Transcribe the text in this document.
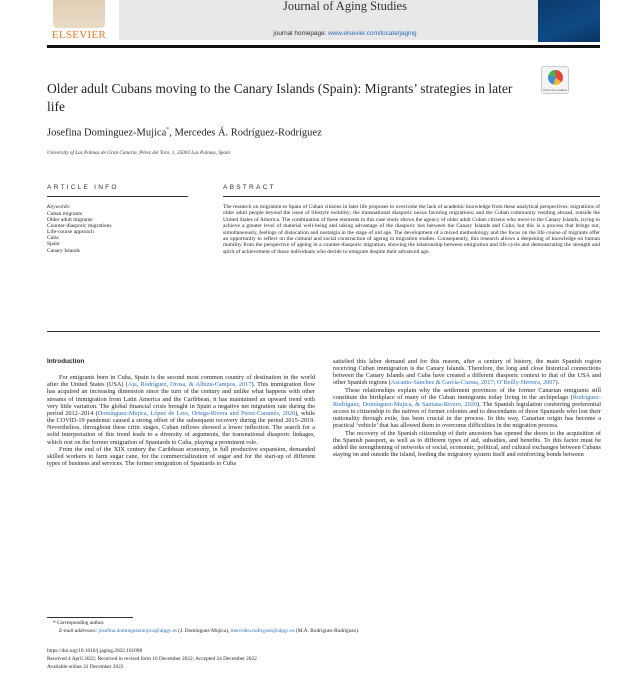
ELSEVIER
Journal of Aging Studies
journal homepage: www.elsevier.com/locate/jaging
Older adult Cubans moving to the Canary Islands (Spain): Migrants’ strategies in later life
Check for updates
Josefina Domínguez-Mujica*, Mercedes Á. Rodríguez-Rodríguez
University of Las Palmas de Gran Canaria, Pérez del Toro, 1, 35003 Las Palmas, Spain
ARTICLE INFO
Keywords:
Cuban migrants
Older adult migrants
Counter-diasporic migrations
Life-course approach
Cuba
Spain
Canary Islands
ABSTRACT
The research on migration to Spain of Cuban citizens in later life proposes to overcome the lack of academic knowledge from these analytical perspectives: migrations of older adult people beyond the issue of lifestyle mobility; the transnational diasporic nexus favoring migrations; and the Cuban community residing abroad, outside the United States of America. The combination of these elements in this case study shows the agency of older adult Cuban citizens who move to the Canary Islands, trying to achieve a greater level of material well-being and taking advantage of the diasporic ties between the Canary Islands and Cuba; but this is a process that brings out, simultaneously, feelings of dislocation and nostalgia in the stage of old age. The development of a mixed methodology and the focus on the life course of migrants offer an opportunity to reflect on the cultural and social construction of ageing in migration studies. Consequently, this research allows a deepening of knowledge on human mobility from the perspective of ageing in a counter-diasporic migration, showing the relationship between emigration and life cycle and demonstrating the strength and spirit of achievement of those individuals who decide to emigrate despite their advanced age.

Introduction

For emigrants born in Cuba, Spain is the second most common country of destination in the world after the United States (USA) (Aja, Rodríguez, Orosa, & Albizu-Campos, 2017). This immigration flow has acquired an increasing dimension since the turn of the century and unlike what happens with other streams of immigration from Latin America and the Caribbean, it has maintained an upward trend with very little variation. The global financial crisis brought in Spain a negative net migration rate during the period 2012–2014 (Domínguez-Mujica, López de Lera, Ortega-Rivera and Pérez-Caramés, 2020), while the COVID-19 pandemic caused a strong offset of the subsequent recovery during the period 2015–2019. Nevertheless, throughout these critic stages, Cuban inflows showed a lower inflection. The search for a solid interpretation of this trend leads to a diversity of arguments, the transnational diasporic linkages, which rest on the former emigration of Spaniards to Cuba, playing a prominent role.

From the end of the XIX century the Caribbean economy, in full productive expansion, demanded skilled workers to farm sugar cane, for the commercialization of sugar and for the start-up of different types of business and services. The former emigration of Spaniards to Cuba

satisfied this labor demand and for this reason, after a century of history, the main Spanish region receiving Cuban immigration is the Canary Islands. Therefore, the long and close historical connections between the Canary Islands and Cuba have created a different diasporic context to that of the USA and other Spanish regions (Ascanio-Sánchez & García-Cuesta, 2017; O’Reilly-Herrera, 2007).

These relationships explain why the settlement provinces of the former Canarian emigrants still constitute the birthplace of many of the Cuban immigrants today living in the archipelago (Rodríguez-Rodríguez, Domínguez-Mujica, & Santana-Rivero, 2020). The Spanish legislation conferring preferential access to citizenship to the natives of former colonies and to descendants of those Spaniards who lost their nationality through exile, has been crucial in the process. In this way, Canarian origin has become a practical ‘vehicle’ that has allowed them to overcome difficulties in the migration process.

The recovery of the Spanish citizenship of their ancestors has opened the doors to the acquisition of the Spanish passport, as well as to different types of aid, subsidies, and benefits. To this factor must be added the strengthening of networks of social, economic, political, and cultural exchanges between Cubans staying on and outside the island, feeding the migratory system itself and reinforcing bonds between

* Corresponding author.
E-mail addresses: josefina.dominguezmujica@ulpgc.es (J. Domínguez-Mujica), mercedes.rodriguez@ulpgc.es (M.Á. Rodríguez-Rodríguez).
https://doi.org/10.1016/j.jaging.2022.101098
Received 4 April 2022; Received in revised form 16 December 2022; Accepted 24 December 2022
Available online 31 December 2022
